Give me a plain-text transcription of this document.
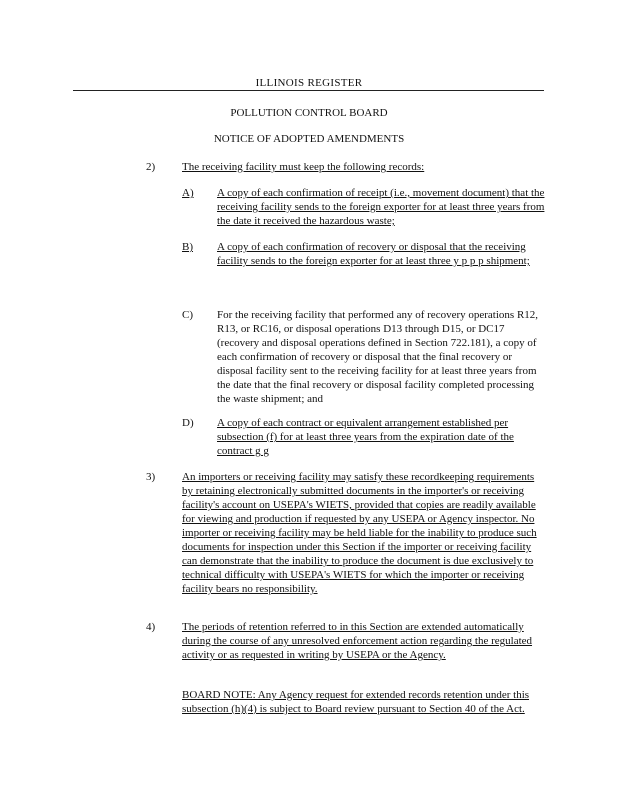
ILLINOIS REGISTER
POLLUTION CONTROL BOARD
NOTICE OF ADOPTED AMENDMENTS
2) The receiving facility must keep the following records:
A) A copy of each confirmation of receipt (i.e., movement document) that the receiving facility sends to the foreign exporter for at least three years from the date it received the hazardous waste;
B) A copy of each confirmation of recovery or disposal that the receiving facility sends to the foreign exporter for at least three y p p p shipment;
C) For the receiving facility that performed any of recovery operations R12, R13, or RC16, or disposal operations D13 through D15, or DC17 (recovery and disposal operations defined in Section 722.181), a copy of each confirmation of recovery or disposal that the final recovery or disposal facility sent to the receiving facility for at least three years from the date that the final recovery or disposal facility completed processing the waste shipment; and
D) A copy of each contract or equivalent arrangement established per subsection (f) for at least three years from the expiration date of the contract g g
3) An importers or receiving facility may satisfy these recordkeeping requirements by retaining electronically submitted documents in the importer's or receiving facility's account on USEPA's WIETS, provided that copies are readily available for viewing and production if requested by any USEPA or Agency inspector. No importer or receiving facility may be held liable for the inability to produce such documents for inspection under this Section if the importer or receiving facility can demonstrate that the inability to produce the document is due exclusively to technical difficulty with USEPA's WIETS for which the importer or receiving facility bears no responsibility.
4) The periods of retention referred to in this Section are extended automatically during the course of any unresolved enforcement action regarding the regulated activity or as requested in writing by USEPA or the Agency.
BOARD NOTE: Any Agency request for extended records retention under this subsection (h)(4) is subject to Board review pursuant to Section 40 of the Act.
